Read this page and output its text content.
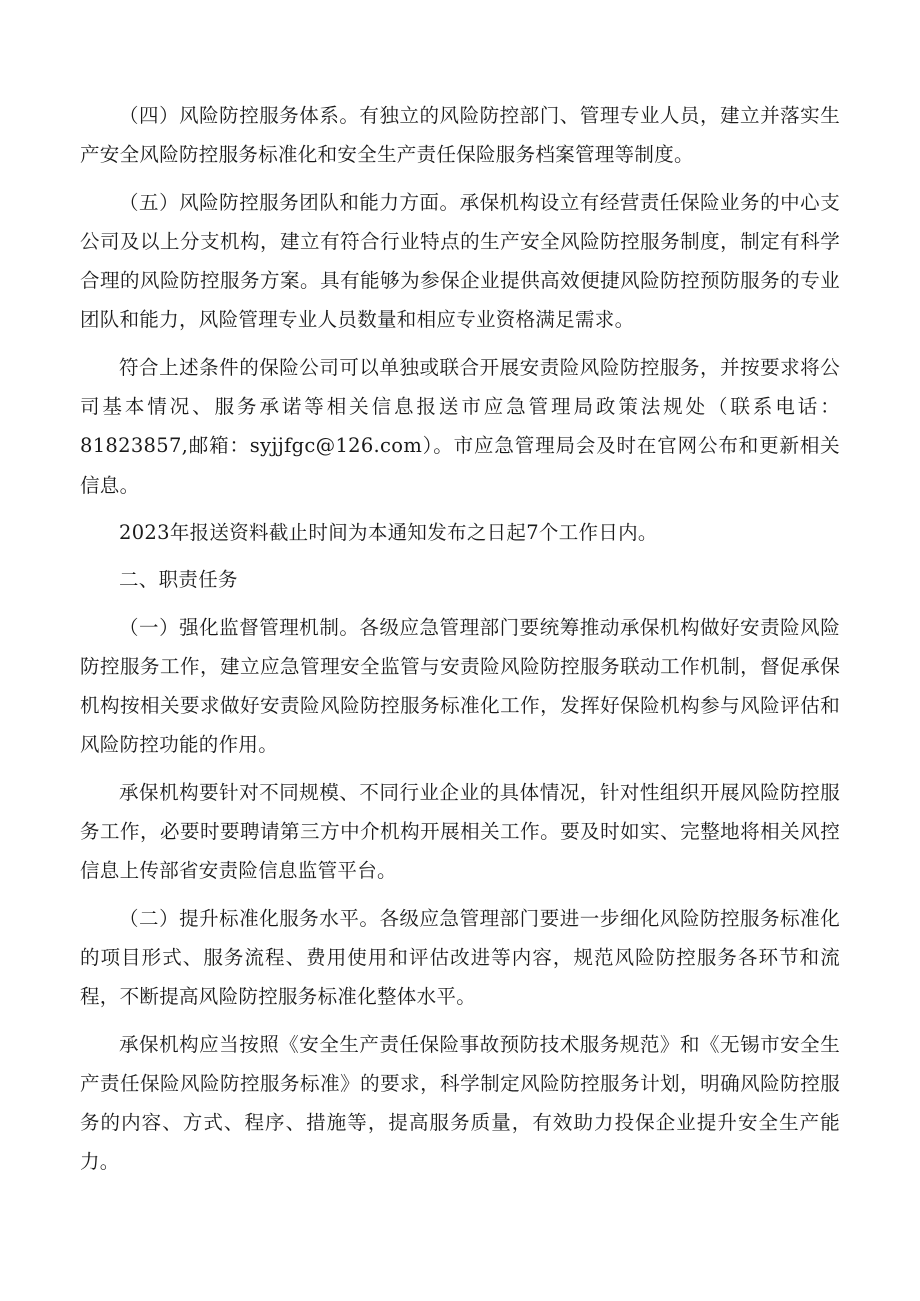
（四）风险防控服务体系。有独立的风险防控部门、管理专业人员，建立并落实生产安全风险防控服务标准化和安全生产责任保险服务档案管理等制度。

（五）风险防控服务团队和能力方面。承保机构设立有经营责任保险业务的中心支公司及以上分支机构，建立有符合行业特点的生产安全风险防控服务制度，制定有科学合理的风险防控服务方案。具有能够为参保企业提供高效便捷风险防控预防服务的专业团队和能力，风险管理专业人员数量和相应专业资格满足需求。

符合上述条件的保险公司可以单独或联合开展安责险风险防控服务，并按要求将公司基本情况、服务承诺等相关信息报送市应急管理局政策法规处（联系电话：81823857,邮箱：syjjfgc@126.com）。市应急管理局会及时在官网公布和更新相关信息。

2023年报送资料截止时间为本通知发布之日起7个工作日内。

二、职责任务

（一）强化监督管理机制。各级应急管理部门要统筹推动承保机构做好安责险风险防控服务工作，建立应急管理安全监管与安责险风险防控服务联动工作机制，督促承保机构按相关要求做好安责险风险防控服务标准化工作，发挥好保险机构参与风险评估和风险防控功能的作用。

承保机构要针对不同规模、不同行业企业的具体情况，针对性组织开展风险防控服务工作，必要时要聘请第三方中介机构开展相关工作。要及时如实、完整地将相关风控信息上传部省安责险信息监管平台。

（二）提升标准化服务水平。各级应急管理部门要进一步细化风险防控服务标准化的项目形式、服务流程、费用使用和评估改进等内容，规范风险防控服务各环节和流程，不断提高风险防控服务标准化整体水平。

承保机构应当按照《安全生产责任保险事故预防技术服务规范》和《无锡市安全生产责任保险风险防控服务标准》的要求，科学制定风险防控服务计划，明确风险防控服务的内容、方式、程序、措施等，提高服务质量，有效助力投保企业提升安全生产能力。
